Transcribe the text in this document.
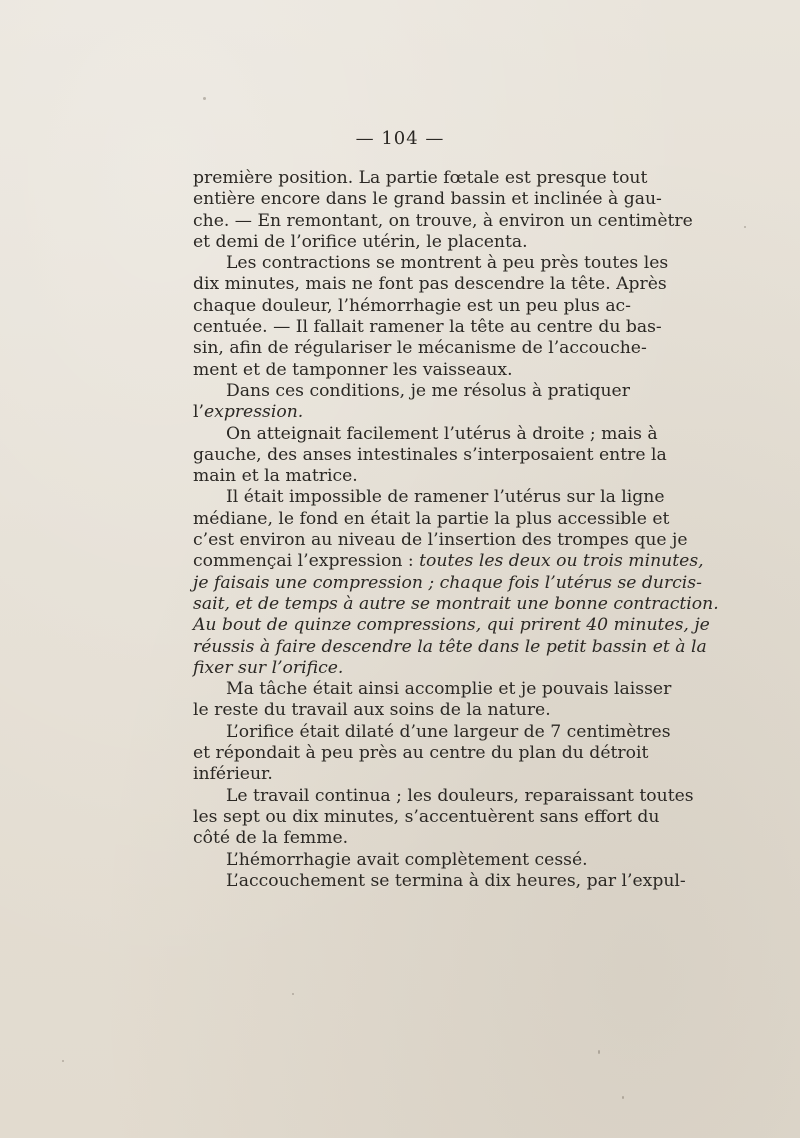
— 104 —
première position. La partie fœtale est presque tout
entière encore dans le grand bassin et inclinée à gau-
che. — En remontant, on trouve, à environ un centimètre
et demi de l’orifice utérin, le placenta.
Les contractions se montrent à peu près toutes les
dix minutes, mais ne font pas descendre la tête. Après
chaque douleur, l’hémorrhagie est un peu plus ac-
centuée. — Il fallait ramener la tête au centre du bas-
sin, afin de régulariser le mécanisme de l’accouche-
ment et de tamponner les vaisseaux.
Dans ces conditions, je me résolus à pratiquer
l’expression.
On atteignait facilement l’utérus à droite ; mais à
gauche, des anses intestinales s’interposaient entre la
main et la matrice.
Il était impossible de ramener l’utérus sur la ligne
médiane, le fond en était la partie la plus accessible et
c’est environ au niveau de l’insertion des trompes que je
commençai l’expression : toutes les deux ou trois minutes,
je faisais une compression ; chaque fois l’utérus se durcis-
sait, et de temps à autre se montrait une bonne contraction.
Au bout de quinze compressions, qui prirent 40 minutes, je
réussis à faire descendre la tête dans le petit bassin et à la
fixer sur l’orifice.
Ma tâche était ainsi accomplie et je pouvais laisser
le reste du travail aux soins de la nature.
L’orifice était dilaté d’une largeur de 7 centimètres
et répondait à peu près au centre du plan du détroit
inférieur.
Le travail continua ; les douleurs, reparaissant toutes
les sept ou dix minutes, s’accentuèrent sans effort du
côté de la femme.
L’hémorrhagie avait complètement cessé.
L’accouchement se termina à dix heures, par l’expul-
